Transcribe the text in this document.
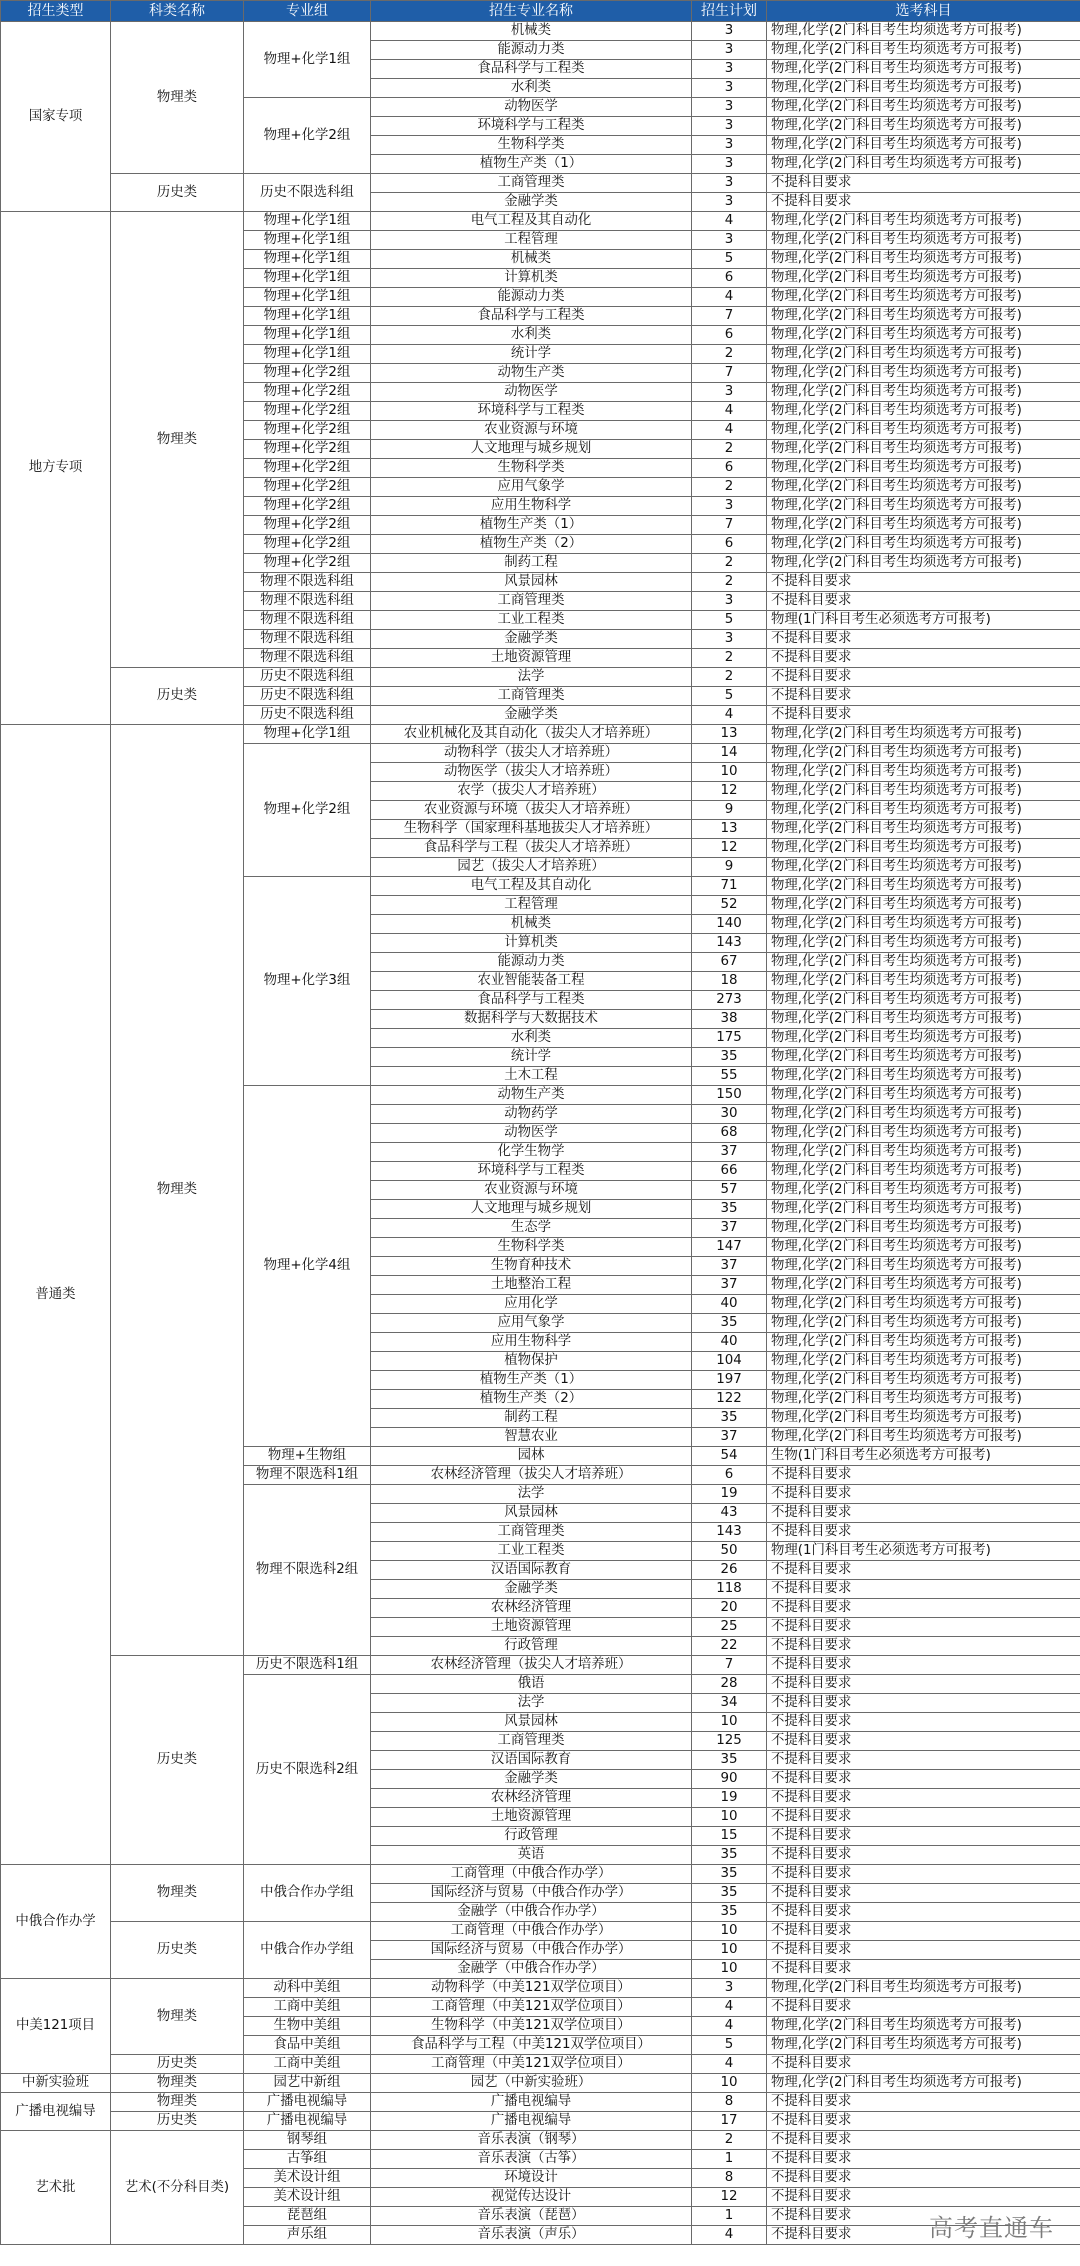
招生类型	科类名称	专业组	招生专业名称	招生计划	选考科目
国家专项	物理类	物理+化学1组	机械类	3	物理,化学(2门科目考生均须选考方可报考)
			能源动力类	3	物理,化学(2门科目考生均须选考方可报考)
			食品科学与工程类	3	物理,化学(2门科目考生均须选考方可报考)
			水利类	3	物理,化学(2门科目考生均须选考方可报考)
		物理+化学2组	动物医学	3	物理,化学(2门科目考生均须选考方可报考)
			环境科学与工程类	3	物理,化学(2门科目考生均须选考方可报考)
			生物科学类	3	物理,化学(2门科目考生均须选考方可报考)
			植物生产类（1）	3	物理,化学(2门科目考生均须选考方可报考)
	历史类	历史不限选科组	工商管理类	3	不提科目要求
			金融学类	3	不提科目要求
地方专项	物理类	物理+化学1组	电气工程及其自动化	4	物理,化学(2门科目考生均须选考方可报考)
		物理+化学1组	工程管理	3	物理,化学(2门科目考生均须选考方可报考)
		物理+化学1组	机械类	5	物理,化学(2门科目考生均须选考方可报考)
		物理+化学1组	计算机类	6	物理,化学(2门科目考生均须选考方可报考)
		物理+化学1组	能源动力类	4	物理,化学(2门科目考生均须选考方可报考)
		物理+化学1组	食品科学与工程类	7	物理,化学(2门科目考生均须选考方可报考)
		物理+化学1组	水利类	6	物理,化学(2门科目考生均须选考方可报考)
		物理+化学1组	统计学	2	物理,化学(2门科目考生均须选考方可报考)
		物理+化学2组	动物生产类	7	物理,化学(2门科目考生均须选考方可报考)
		物理+化学2组	动物医学	3	物理,化学(2门科目考生均须选考方可报考)
		物理+化学2组	环境科学与工程类	4	物理,化学(2门科目考生均须选考方可报考)
		物理+化学2组	农业资源与环境	4	物理,化学(2门科目考生均须选考方可报考)
		物理+化学2组	人文地理与城乡规划	2	物理,化学(2门科目考生均须选考方可报考)
		物理+化学2组	生物科学类	6	物理,化学(2门科目考生均须选考方可报考)
		物理+化学2组	应用气象学	2	物理,化学(2门科目考生均须选考方可报考)
		物理+化学2组	应用生物科学	3	物理,化学(2门科目考生均须选考方可报考)
		物理+化学2组	植物生产类（1）	7	物理,化学(2门科目考生均须选考方可报考)
		物理+化学2组	植物生产类（2）	6	物理,化学(2门科目考生均须选考方可报考)
		物理+化学2组	制药工程	2	物理,化学(2门科目考生均须选考方可报考)
		物理不限选科组	风景园林	2	不提科目要求
		物理不限选科组	工商管理类	3	不提科目要求
		物理不限选科组	工业工程类	5	物理(1门科目考生必须选考方可报考)
		物理不限选科组	金融学类	3	不提科目要求
		物理不限选科组	土地资源管理	2	不提科目要求
	历史类	历史不限选科组	法学	2	不提科目要求
		历史不限选科组	工商管理类	5	不提科目要求
		历史不限选科组	金融学类	4	不提科目要求
普通类	物理类	物理+化学1组	农业机械化及其自动化（拔尖人才培养班）	13	物理,化学(2门科目考生均须选考方可报考)
		物理+化学2组	动物科学（拔尖人才培养班）	14	物理,化学(2门科目考生均须选考方可报考)
			动物医学（拔尖人才培养班）	10	物理,化学(2门科目考生均须选考方可报考)
			农学（拔尖人才培养班）	12	物理,化学(2门科目考生均须选考方可报考)
			农业资源与环境（拔尖人才培养班）	9	物理,化学(2门科目考生均须选考方可报考)
			生物科学（国家理科基地拔尖人才培养班）	13	物理,化学(2门科目考生均须选考方可报考)
			食品科学与工程（拔尖人才培养班）	12	物理,化学(2门科目考生均须选考方可报考)
			园艺（拔尖人才培养班）	9	物理,化学(2门科目考生均须选考方可报考)
		物理+化学3组	电气工程及其自动化	71	物理,化学(2门科目考生均须选考方可报考)
			工程管理	52	物理,化学(2门科目考生均须选考方可报考)
			机械类	140	物理,化学(2门科目考生均须选考方可报考)
			计算机类	143	物理,化学(2门科目考生均须选考方可报考)
			能源动力类	67	物理,化学(2门科目考生均须选考方可报考)
			农业智能装备工程	18	物理,化学(2门科目考生均须选考方可报考)
			食品科学与工程类	273	物理,化学(2门科目考生均须选考方可报考)
			数据科学与大数据技术	38	物理,化学(2门科目考生均须选考方可报考)
			水利类	175	物理,化学(2门科目考生均须选考方可报考)
			统计学	35	物理,化学(2门科目考生均须选考方可报考)
			土木工程	55	物理,化学(2门科目考生均须选考方可报考)
		物理+化学4组	动物生产类	150	物理,化学(2门科目考生均须选考方可报考)
			动物药学	30	物理,化学(2门科目考生均须选考方可报考)
			动物医学	68	物理,化学(2门科目考生均须选考方可报考)
			化学生物学	37	物理,化学(2门科目考生均须选考方可报考)
			环境科学与工程类	66	物理,化学(2门科目考生均须选考方可报考)
			农业资源与环境	57	物理,化学(2门科目考生均须选考方可报考)
			人文地理与城乡规划	35	物理,化学(2门科目考生均须选考方可报考)
			生态学	37	物理,化学(2门科目考生均须选考方可报考)
			生物科学类	147	物理,化学(2门科目考生均须选考方可报考)
			生物育种技术	37	物理,化学(2门科目考生均须选考方可报考)
			土地整治工程	37	物理,化学(2门科目考生均须选考方可报考)
			应用化学	40	物理,化学(2门科目考生均须选考方可报考)
			应用气象学	35	物理,化学(2门科目考生均须选考方可报考)
			应用生物科学	40	物理,化学(2门科目考生均须选考方可报考)
			植物保护	104	物理,化学(2门科目考生均须选考方可报考)
			植物生产类（1）	197	物理,化学(2门科目考生均须选考方可报考)
			植物生产类（2）	122	物理,化学(2门科目考生均须选考方可报考)
			制药工程	35	物理,化学(2门科目考生均须选考方可报考)
			智慧农业	37	物理,化学(2门科目考生均须选考方可报考)
		物理+生物组	园林	54	生物(1门科目考生必须选考方可报考)
		物理不限选科1组	农林经济管理（拔尖人才培养班）	6	不提科目要求
		物理不限选科2组	法学	19	不提科目要求
			风景园林	43	不提科目要求
			工商管理类	143	不提科目要求
			工业工程类	50	物理(1门科目考生必须选考方可报考)
			汉语国际教育	26	不提科目要求
			金融学类	118	不提科目要求
			农林经济管理	20	不提科目要求
			土地资源管理	25	不提科目要求
			行政管理	22	不提科目要求
	历史类	历史不限选科1组	农林经济管理（拔尖人才培养班）	7	不提科目要求
		历史不限选科2组	俄语	28	不提科目要求
			法学	34	不提科目要求
			风景园林	10	不提科目要求
			工商管理类	125	不提科目要求
			汉语国际教育	35	不提科目要求
			金融学类	90	不提科目要求
			农林经济管理	19	不提科目要求
			土地资源管理	10	不提科目要求
			行政管理	15	不提科目要求
			英语	35	不提科目要求
中俄合作办学	物理类	中俄合作办学组	工商管理（中俄合作办学）	35	不提科目要求
			国际经济与贸易（中俄合作办学）	35	不提科目要求
			金融学（中俄合作办学）	35	不提科目要求
	历史类	中俄合作办学组	工商管理（中俄合作办学）	10	不提科目要求
			国际经济与贸易（中俄合作办学）	10	不提科目要求
			金融学（中俄合作办学）	10	不提科目要求
中美121项目	物理类	动科中美组	动物科学（中美121双学位项目）	3	物理,化学(2门科目考生均须选考方可报考)
		工商中美组	工商管理（中美121双学位项目）	4	不提科目要求
		生物中美组	生物科学（中美121双学位项目）	4	物理,化学(2门科目考生均须选考方可报考)
		食品中美组	食品科学与工程（中美121双学位项目）	5	物理,化学(2门科目考生均须选考方可报考)
	历史类	工商中美组	工商管理（中美121双学位项目）	4	不提科目要求
中新实验班	物理类	园艺中新组	园艺（中新实验班）	10	物理,化学(2门科目考生均须选考方可报考)
广播电视编导	物理类	广播电视编导	广播电视编导	8	不提科目要求
	历史类	广播电视编导	广播电视编导	17	不提科目要求
艺术批	艺术(不分科目类)	钢琴组	音乐表演（钢琴）	2	不提科目要求
		古筝组	音乐表演（古筝）	1	不提科目要求
		美术设计组	环境设计	8	不提科目要求
		美术设计组	视觉传达设计	12	不提科目要求
		琵琶组	音乐表演（琵琶）	1	不提科目要求
		声乐组	音乐表演（声乐）	4	不提科目要求	高考直通车
